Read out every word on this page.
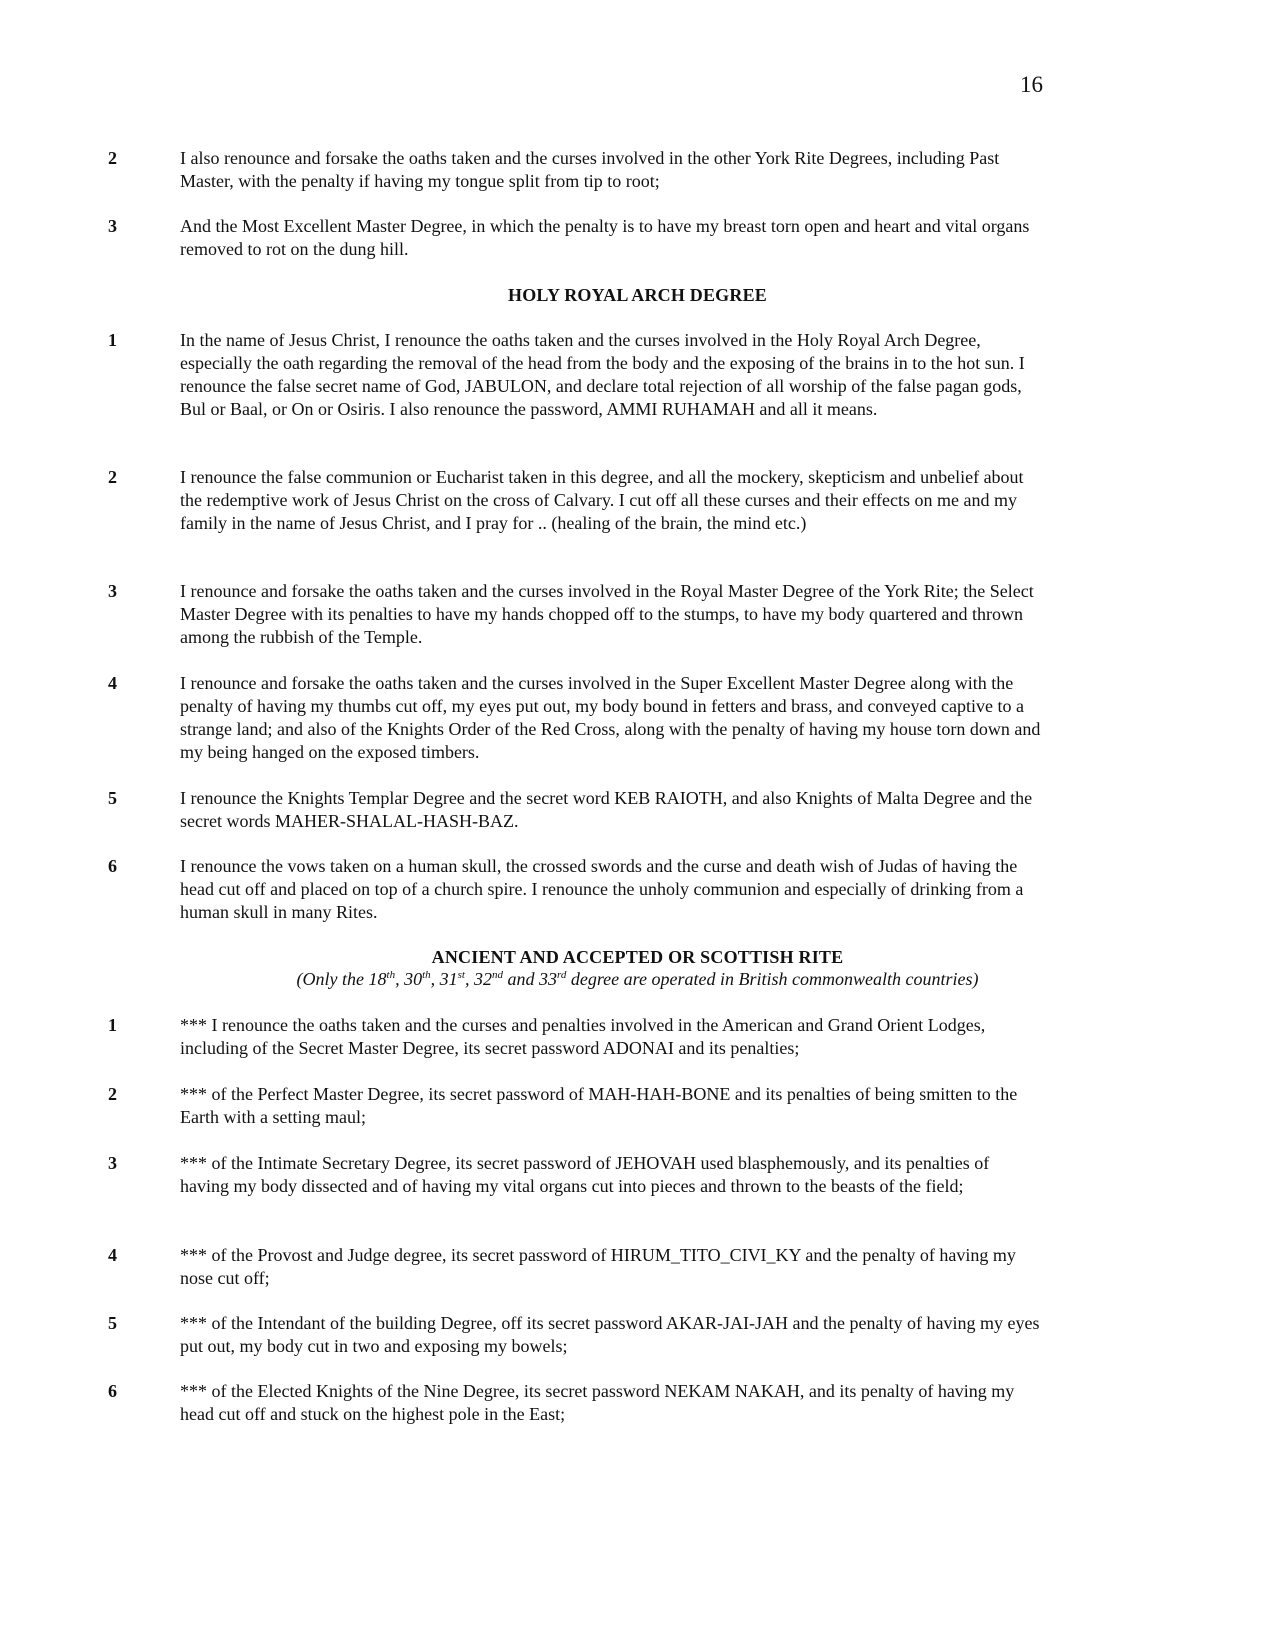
16
2	I also renounce and forsake the oaths taken and the curses involved in the other York Rite Degrees, including Past Master, with the penalty if having my tongue split from tip to root;
3	And the Most Excellent Master Degree, in which the penalty is to have my breast torn open and heart and vital organs removed to rot on the dung hill.
HOLY ROYAL ARCH DEGREE
1	In the name of Jesus Christ, I renounce the oaths taken and the curses involved in the Holy Royal Arch Degree, especially the oath regarding the removal of the head from the body and the exposing of the brains in to the hot sun. I renounce the false secret name of God, JABULON, and declare total rejection of all worship of the false pagan gods, Bul or Baal, or On or Osiris. I also renounce the password, AMMI RUHAMAH and all it means.
2	I renounce the false communion or Eucharist taken in this degree, and all the mockery, skepticism and unbelief about the redemptive work of Jesus Christ on the cross of Calvary. I cut off all these curses and their effects on me and my family in the name of Jesus Christ, and I pray for .. (healing of the brain, the mind etc.)
3	I renounce and forsake the oaths taken and the curses involved in the Royal Master Degree of the York Rite; the Select Master Degree with its penalties to have my hands chopped off to the stumps, to have my body quartered and thrown among the rubbish of the Temple.
4	I renounce and forsake the oaths taken and the curses involved in the Super Excellent Master Degree along with the penalty of having my thumbs cut off, my eyes put out, my body bound in fetters and brass, and conveyed captive to a strange land; and also of the Knights Order of the Red Cross, along with the penalty of having my house torn down and my being hanged on the exposed timbers.
5	I renounce the Knights Templar Degree and the secret word KEB RAIOTH, and also Knights of Malta Degree and the secret words MAHER-SHALAL-HASH-BAZ.
6	I renounce the vows taken on a human skull, the crossed swords and the curse and death wish of Judas of having the head cut off and placed on top of a church spire. I renounce the unholy communion and especially of drinking from a human skull in many Rites.
ANCIENT AND ACCEPTED OR SCOTTISH RITE
(Only the 18th, 30th, 31st, 32nd and 33rd degree are operated in British commonwealth countries)
1	*** I renounce the oaths taken and the curses and penalties involved in the American and Grand Orient Lodges, including of the Secret Master Degree, its secret password ADONAI and its penalties;
2	*** of the Perfect Master Degree, its secret password of MAH-HAH-BONE and its penalties of being smitten to the Earth with a setting maul;
3	*** of the Intimate Secretary Degree, its secret password of JEHOVAH used blasphemously, and its penalties of having my body dissected and of having my vital organs cut into pieces and thrown to the beasts of the field;
4	*** of the Provost and Judge degree, its secret password of HIRUM_TITO_CIVI_KY and the penalty of having my nose cut off;
5	*** of the Intendant of the building Degree, off its secret password AKAR-JAI-JAH and the penalty of having my eyes put out, my body cut in two and exposing my bowels;
6	*** of the Elected Knights of the Nine Degree, its secret password NEKAM NAKAH, and its penalty of having my head cut off and stuck on the highest pole in the East;
